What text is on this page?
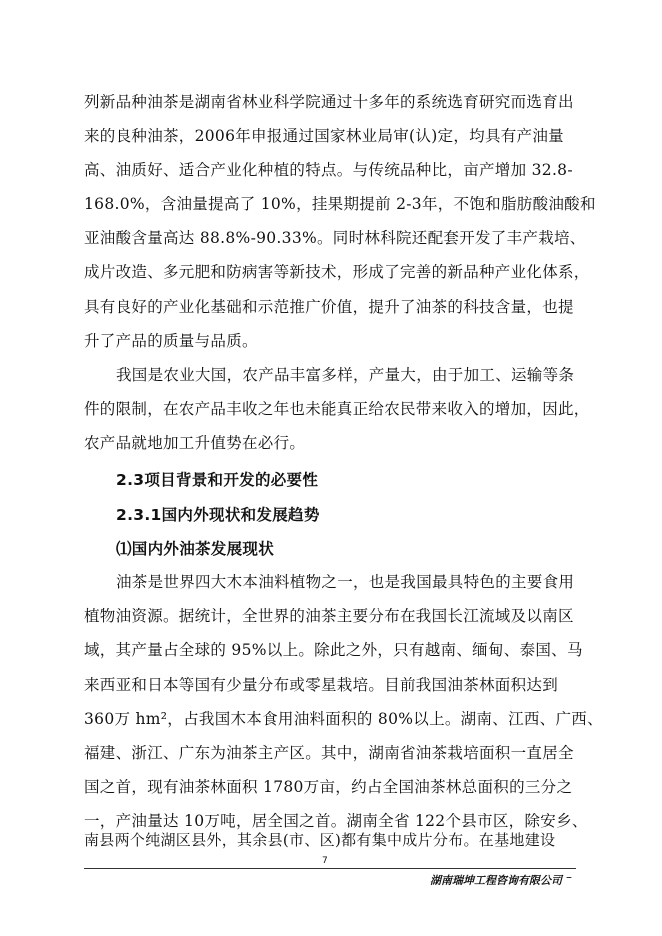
列新品种油茶是湖南省林业科学院通过十多年的系统选育研究而选育出
来的良种油茶，2006年申报通过国家林业局审(认)定，均具有产油量
高、油质好、适合产业化种植的特点。与传统品种比，亩产增加 32.8-
168.0%，含油量提高了 10%，挂果期提前 2-3年，不饱和脂肪酸油酸和
亚油酸含量高达 88.8%-90.33%。同时林科院还配套开发了丰产栽培、
成片改造、多元肥和防病害等新技术，形成了完善的新品种产业化体系，
具有良好的产业化基础和示范推广价值，提升了油茶的科技含量，也提
升了产品的质量与品质。
我国是农业大国，农产品丰富多样，产量大，由于加工、运输等条
件的限制，在农产品丰收之年也未能真正给农民带来收入的增加，因此，
农产品就地加工升值势在必行。
2.3项目背景和开发的必要性
2.3.1国内外现状和发展趋势
⑴国内外油茶发展现状
油茶是世界四大木本油料植物之一，也是我国最具特色的主要食用
植物油资源。据统计，全世界的油茶主要分布在我国长江流域及以南区
域，其产量占全球的 95%以上。除此之外，只有越南、缅甸、泰国、马
来西亚和日本等国有少量分布或零星栽培。目前我国油茶林面积达到
360万 hm²，占我国木本食用油料面积的 80%以上。湖南、江西、广西、
福建、浙江、广东为油茶主产区。其中，湖南省油茶栽培面积一直居全
国之首，现有油茶林面积 1780万亩，约占全国油茶林总面积的三分之
一，产油量达 10万吨，居全国之首。湖南全省 122个县市区，除安乡、
7
湖南瑞坤工程咨询有限公司 –
南县两个纯湖区县外，其余县(市、区)都有集中成片分布。在基地建设
